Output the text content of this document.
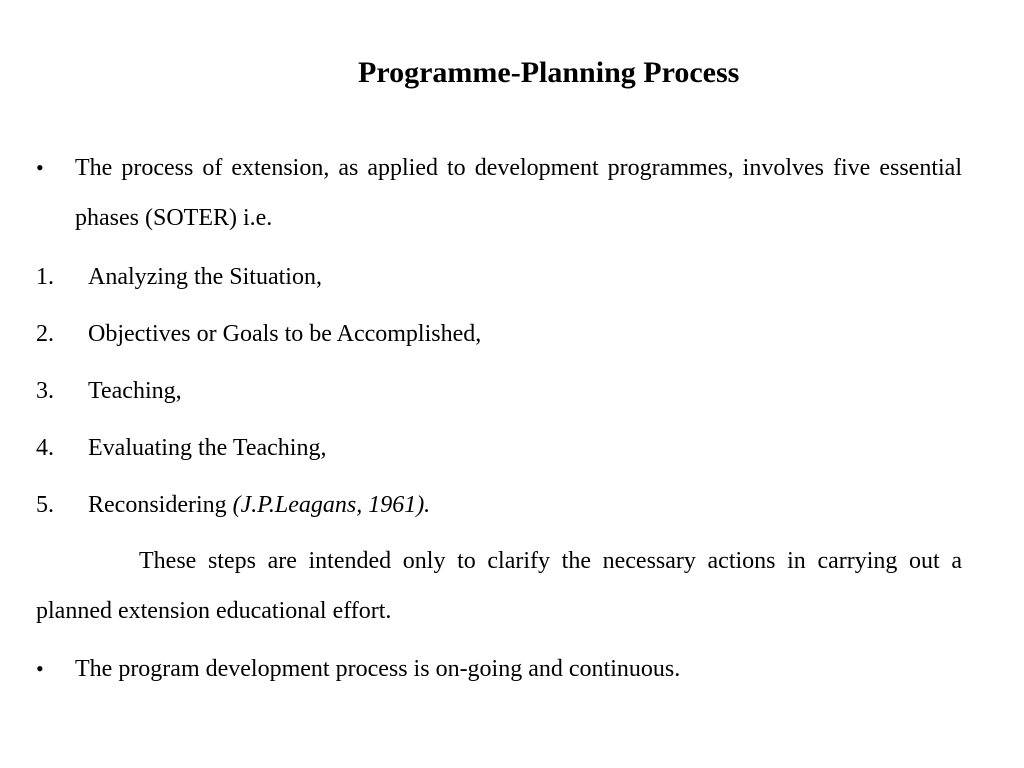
Programme-Planning Process
• The process of extension, as applied to development programmes, involves five essential phases (SOTER) i.e.
1. Analyzing the Situation,
2. Objectives or Goals to be Accomplished,
3. Teaching,
4. Evaluating the Teaching,
5. Reconsidering (J.P.Leagans, 1961).
These steps are intended only to clarify the necessary actions in carrying out a planned extension educational effort.
• The program development process is on-going and continuous.
